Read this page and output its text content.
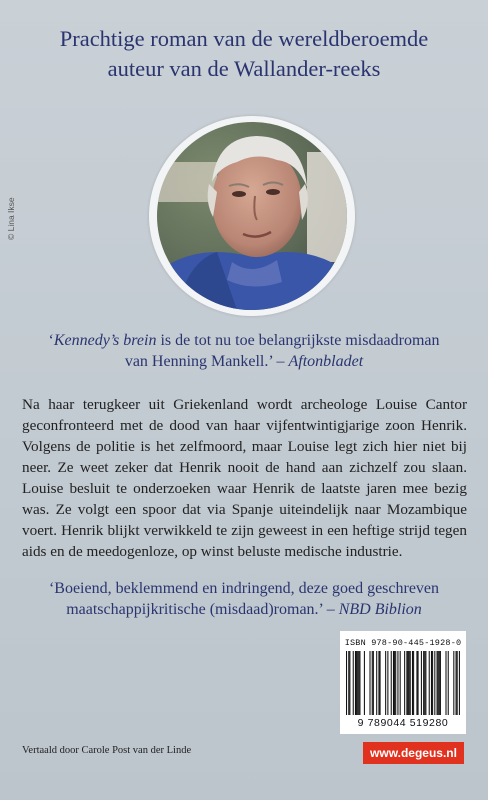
Prachtige roman van de wereldberoemde
auteur van de Wallander-reeks
© Lina Ikse
‘Kennedy’s brein is de tot nu toe belangrijkste misdaadroman
van Henning Mankell.’ – Aftonbladet

Na haar terugkeer uit Griekenland wordt archeologe Louise Cantor geconfronteerd met de dood van haar vijfentwintigjarige zoon Henrik. Volgens de politie is het zelfmoord, maar Louise legt zich hier niet bij neer. Ze weet zeker dat Henrik nooit de hand aan zichzelf zou slaan. Louise besluit te onderzoeken waar Henrik de laatste jaren mee bezig was. Ze volgt een spoor dat via Spanje uiteindelijk naar Mozambique voert. Henrik blijkt verwikkeld te zijn geweest in een heftige strijd tegen aids en de meedogenloze, op winst beluste medische industrie.

‘Boeiend, beklemmend en indringend, deze goed geschreven
maatschappijkritische (misdaad)roman.’ – NBD Biblion
ISBN 978-90-445-1928-0
9 789044 519280
www.degeus.nl
Vertaald door Carole Post van der Linde
